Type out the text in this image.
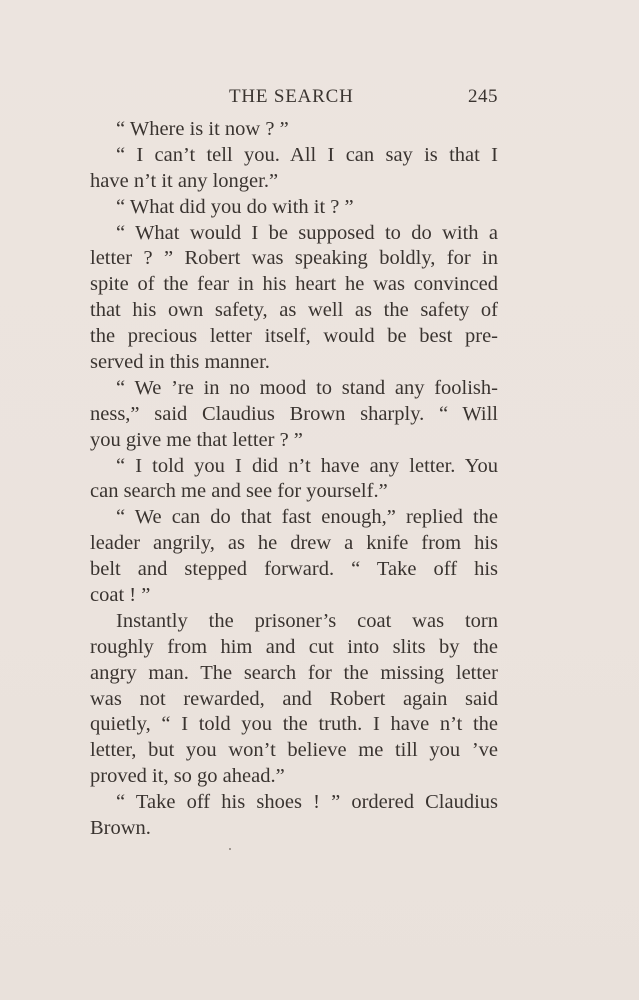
THE SEARCH	245
“ Where is it now ? ”
“ I can’t tell you. All I can say is that I
have n’t it any longer.”
“ What did you do with it ? ”
“ What would I be supposed to do with a
letter ? ” Robert was speaking boldly, for in
spite of the fear in his heart he was convinced
that his own safety, as well as the safety of
the precious letter itself, would be best pre-
served in this manner.
“ We ’re in no mood to stand any foolish-
ness,” said Claudius Brown sharply. “ Will
you give me that letter ? ”
“ I told you I did n’t have any letter. You
can search me and see for yourself.”
“ We can do that fast enough,” replied the
leader angrily, as he drew a knife from his
belt and stepped forward. “ Take off his
coat ! ”
Instantly the prisoner’s coat was torn
roughly from him and cut into slits by the
angry man. The search for the missing letter
was not rewarded, and Robert again said
quietly, “ I told you the truth. I have n’t the
letter, but you won’t believe me till you ’ve
proved it, so go ahead.”
“ Take off his shoes ! ” ordered Claudius
Brown.
